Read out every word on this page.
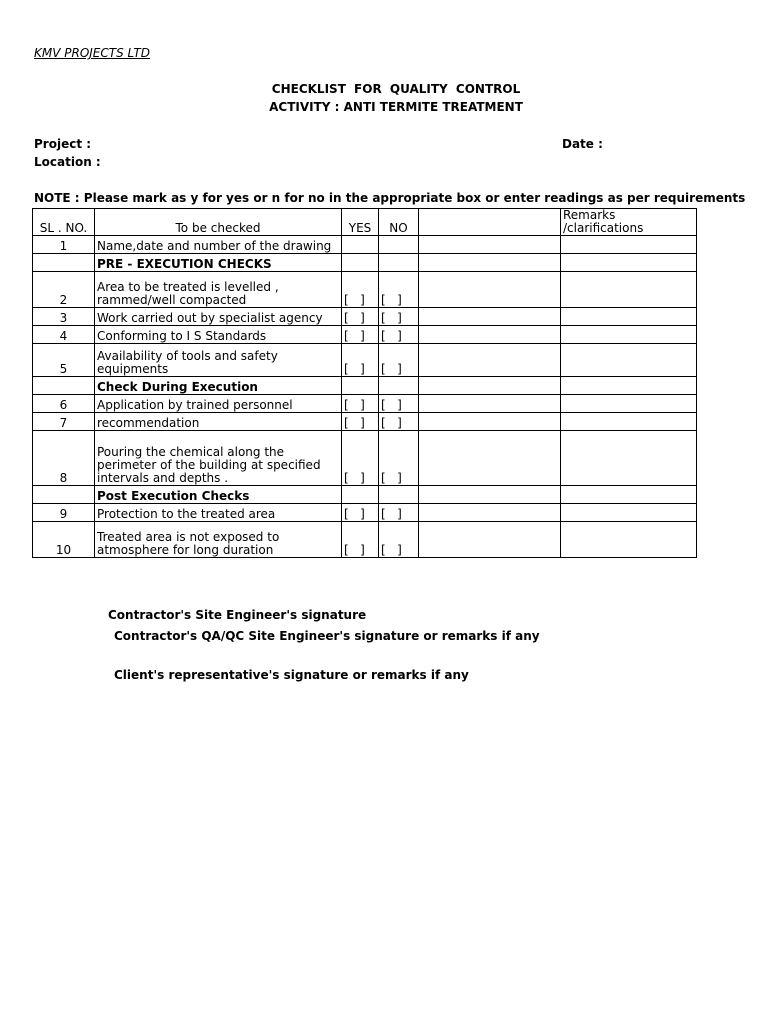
KMV PROJECTS LTD
CHECKLIST FOR QUALITY CONTROL
ACTIVITY : ANTI TERMITE TREATMENT
Project :
Location :
Date :
NOTE : Please mark as y for yes or n for no in the appropriate box or enter readings as per requirements
SL . NO.	To be checked	YES	NO		Remarks /clarifications
1	Name,date and number of the drawing				
	PRE - EXECUTION CHECKS				
2	Area to be treated is levelled , rammed/well compacted	[   ]	[   ]		
3	Work carried out by specialist agency	[   ]	[   ]		
4	Conforming to I S Standards	[   ]	[   ]		
5	Availability of tools and safety equipments	[   ]	[   ]		
	Check During Execution				
6	Application by trained personnel	[   ]	[   ]		
7	recommendation	[   ]	[   ]		
8	Pouring the chemical along the perimeter of the building at specified intervals and depths .	[   ]	[   ]		
	Post Execution Checks				
9	Protection to the treated area	[   ]	[   ]		
10	Treated area is not exposed to atmosphere for long duration	[   ]	[   ]		
Contractor's Site Engineer's signature
Contractor's QA/QC Site Engineer's signature or remarks if any
Client's representative's signature or remarks if any
